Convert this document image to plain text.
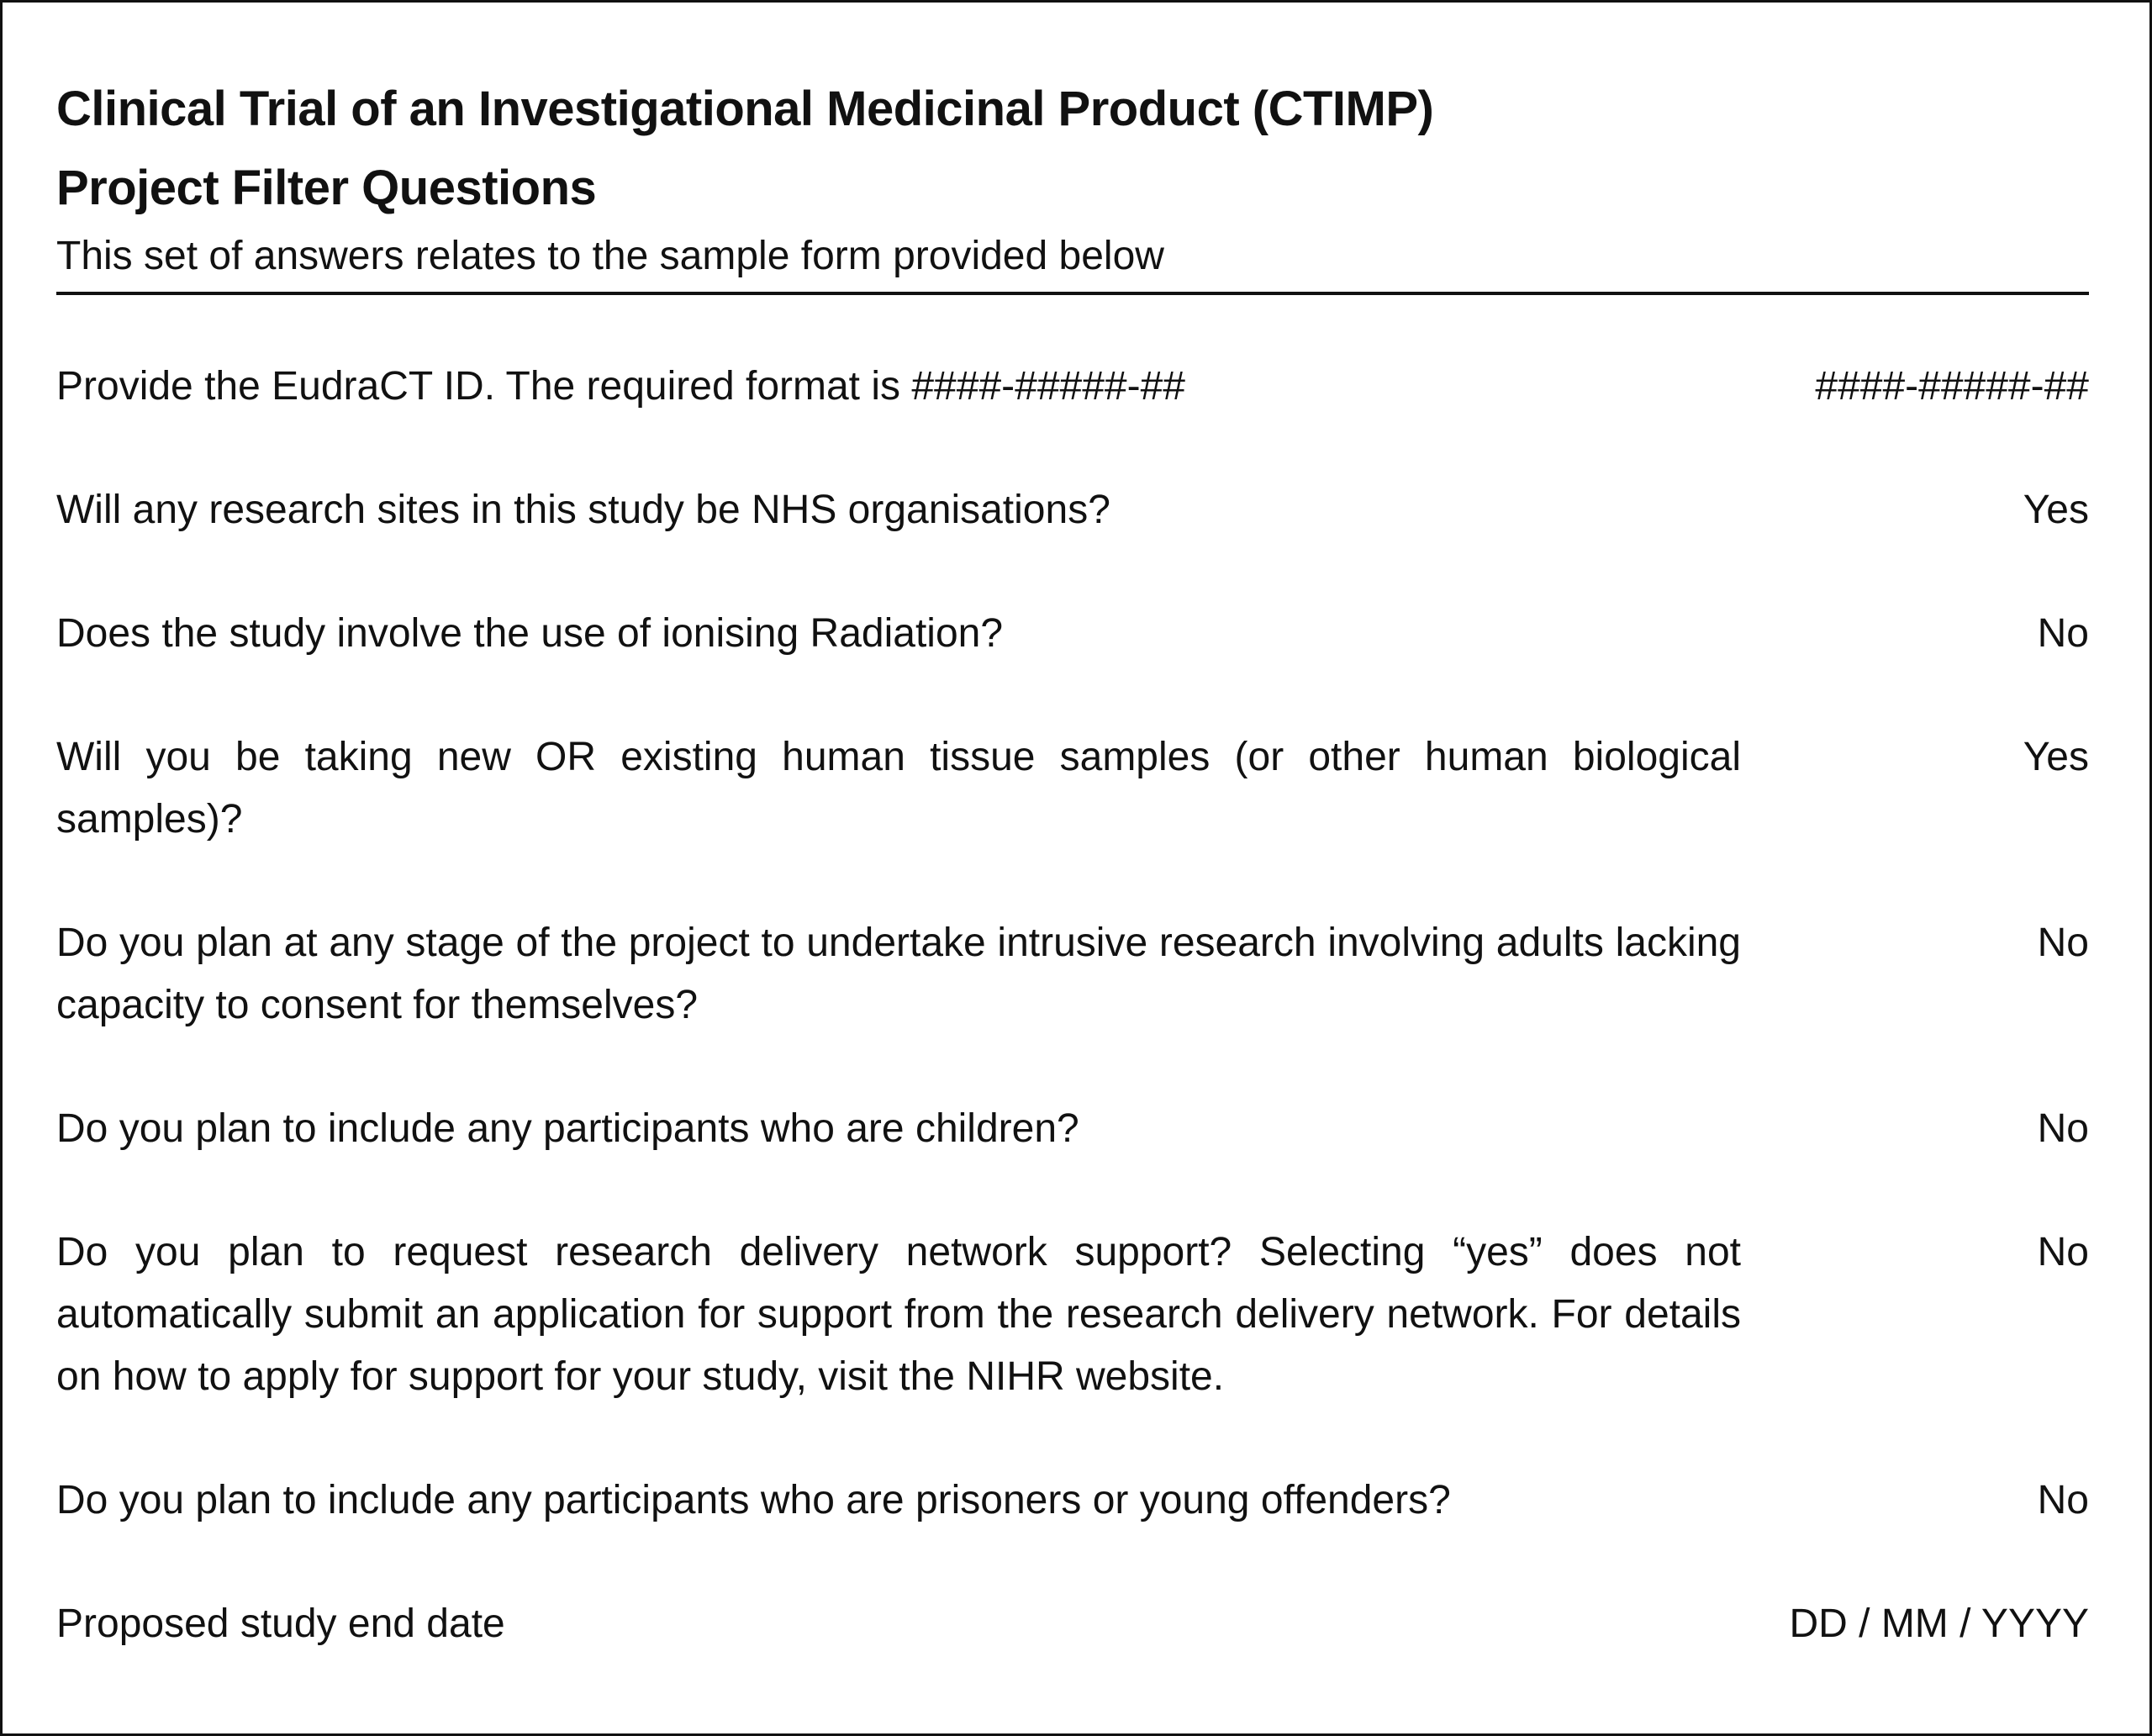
Clinical Trial of an Investigational Medicinal Product (CTIMP)
Project Filter Questions
This set of answers relates to the sample form provided below
Provide the EudraCT ID. The required format is ####-#####-##	####-#####-##
Will any research sites in this study be NHS organisations?	Yes
Does the study involve the use of ionising Radiation?	No
Will you be taking new OR existing human tissue samples (or other human biological samples)?
Yes
Do you plan at any stage of the project to undertake intrusive research involving adults lacking capacity to consent for themselves?
No
Do you plan to include any participants who are children?	No
Do you plan to request research delivery network support? Selecting “yes” does not automatically submit an application for support from the research delivery network. For details on how to apply for support for your study, visit the NIHR website.
No
Do you plan to include any participants who are prisoners or young offenders?	No
Proposed study end date	DD / MM / YYYY
